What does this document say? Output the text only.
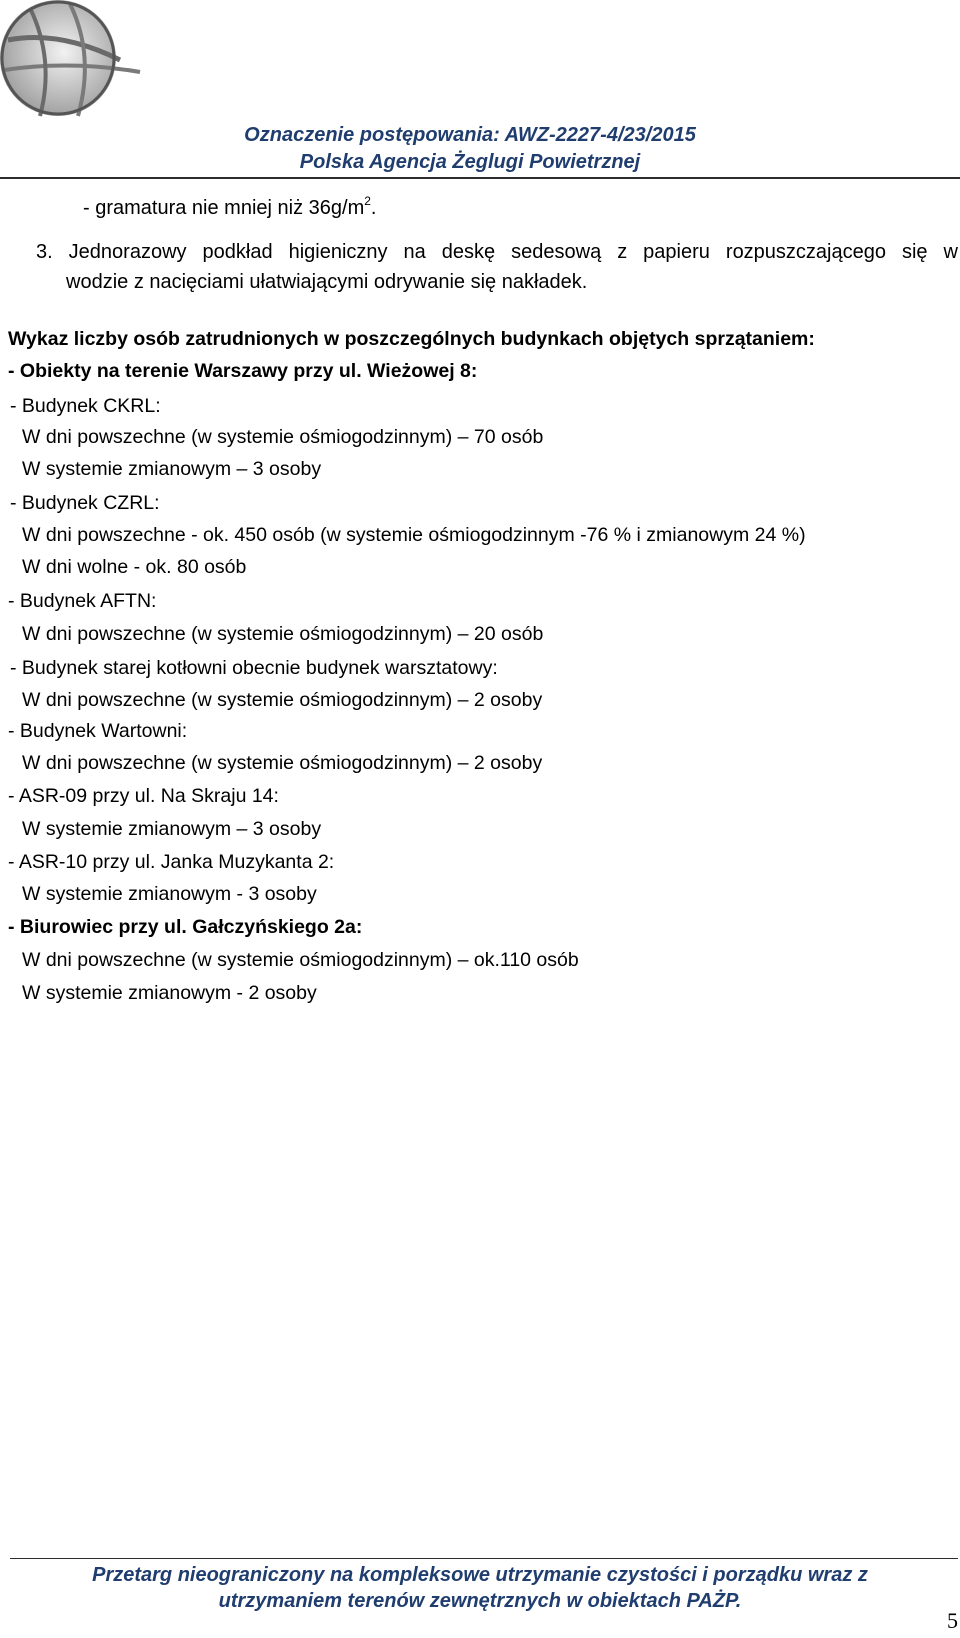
Oznaczenie postępowania: AWZ-2227-4/23/2015
Polska Agencja Żeglugi Powietrznej
- gramatura nie mniej niż $36g/m^2$.
3. Jednorazowy podkład higieniczny na deskę sedesową z papieru rozpuszczającego się w
wodzie z nacięciami ułatwiającymi odrywanie się nakładek.
Wykaz liczby osób zatrudnionych w poszczególnych budynkach objętych sprzątaniem:
- Obiekty na terenie Warszawy przy ul. Wieżowej 8:
- Budynek CKRL:
W dni powszechne (w systemie ośmiogodzinnym) – 70 osób
W systemie zmianowym – 3 osoby
- Budynek CZRL:
W dni powszechne - ok. 450 osób (w systemie ośmiogodzinnym -76 % i zmianowym 24 %)
W dni wolne - ok. 80 osób
- Budynek AFTN:
W dni powszechne (w systemie ośmiogodzinnym) – 20 osób
- Budynek starej kotłowni obecnie budynek warsztatowy:
W dni powszechne (w systemie ośmiogodzinnym) – 2 osoby
- Budynek Wartowni:
W dni powszechne (w systemie ośmiogodzinnym) – 2 osoby
- ASR-09 przy ul. Na Skraju 14:
W systemie zmianowym – 3 osoby
- ASR-10 przy ul. Janka Muzykanta 2:
W systemie zmianowym - 3 osoby
- Biurowiec przy ul. Gałczyńskiego 2a:
W dni powszechne (w systemie ośmiogodzinnym) – ok.110 osób
W systemie zmianowym - 2 osoby
Przetarg nieograniczony na kompleksowe utrzymanie czystości i porządku wraz z
utrzymaniem terenów zewnętrznych w obiektach PAŻP.
5
